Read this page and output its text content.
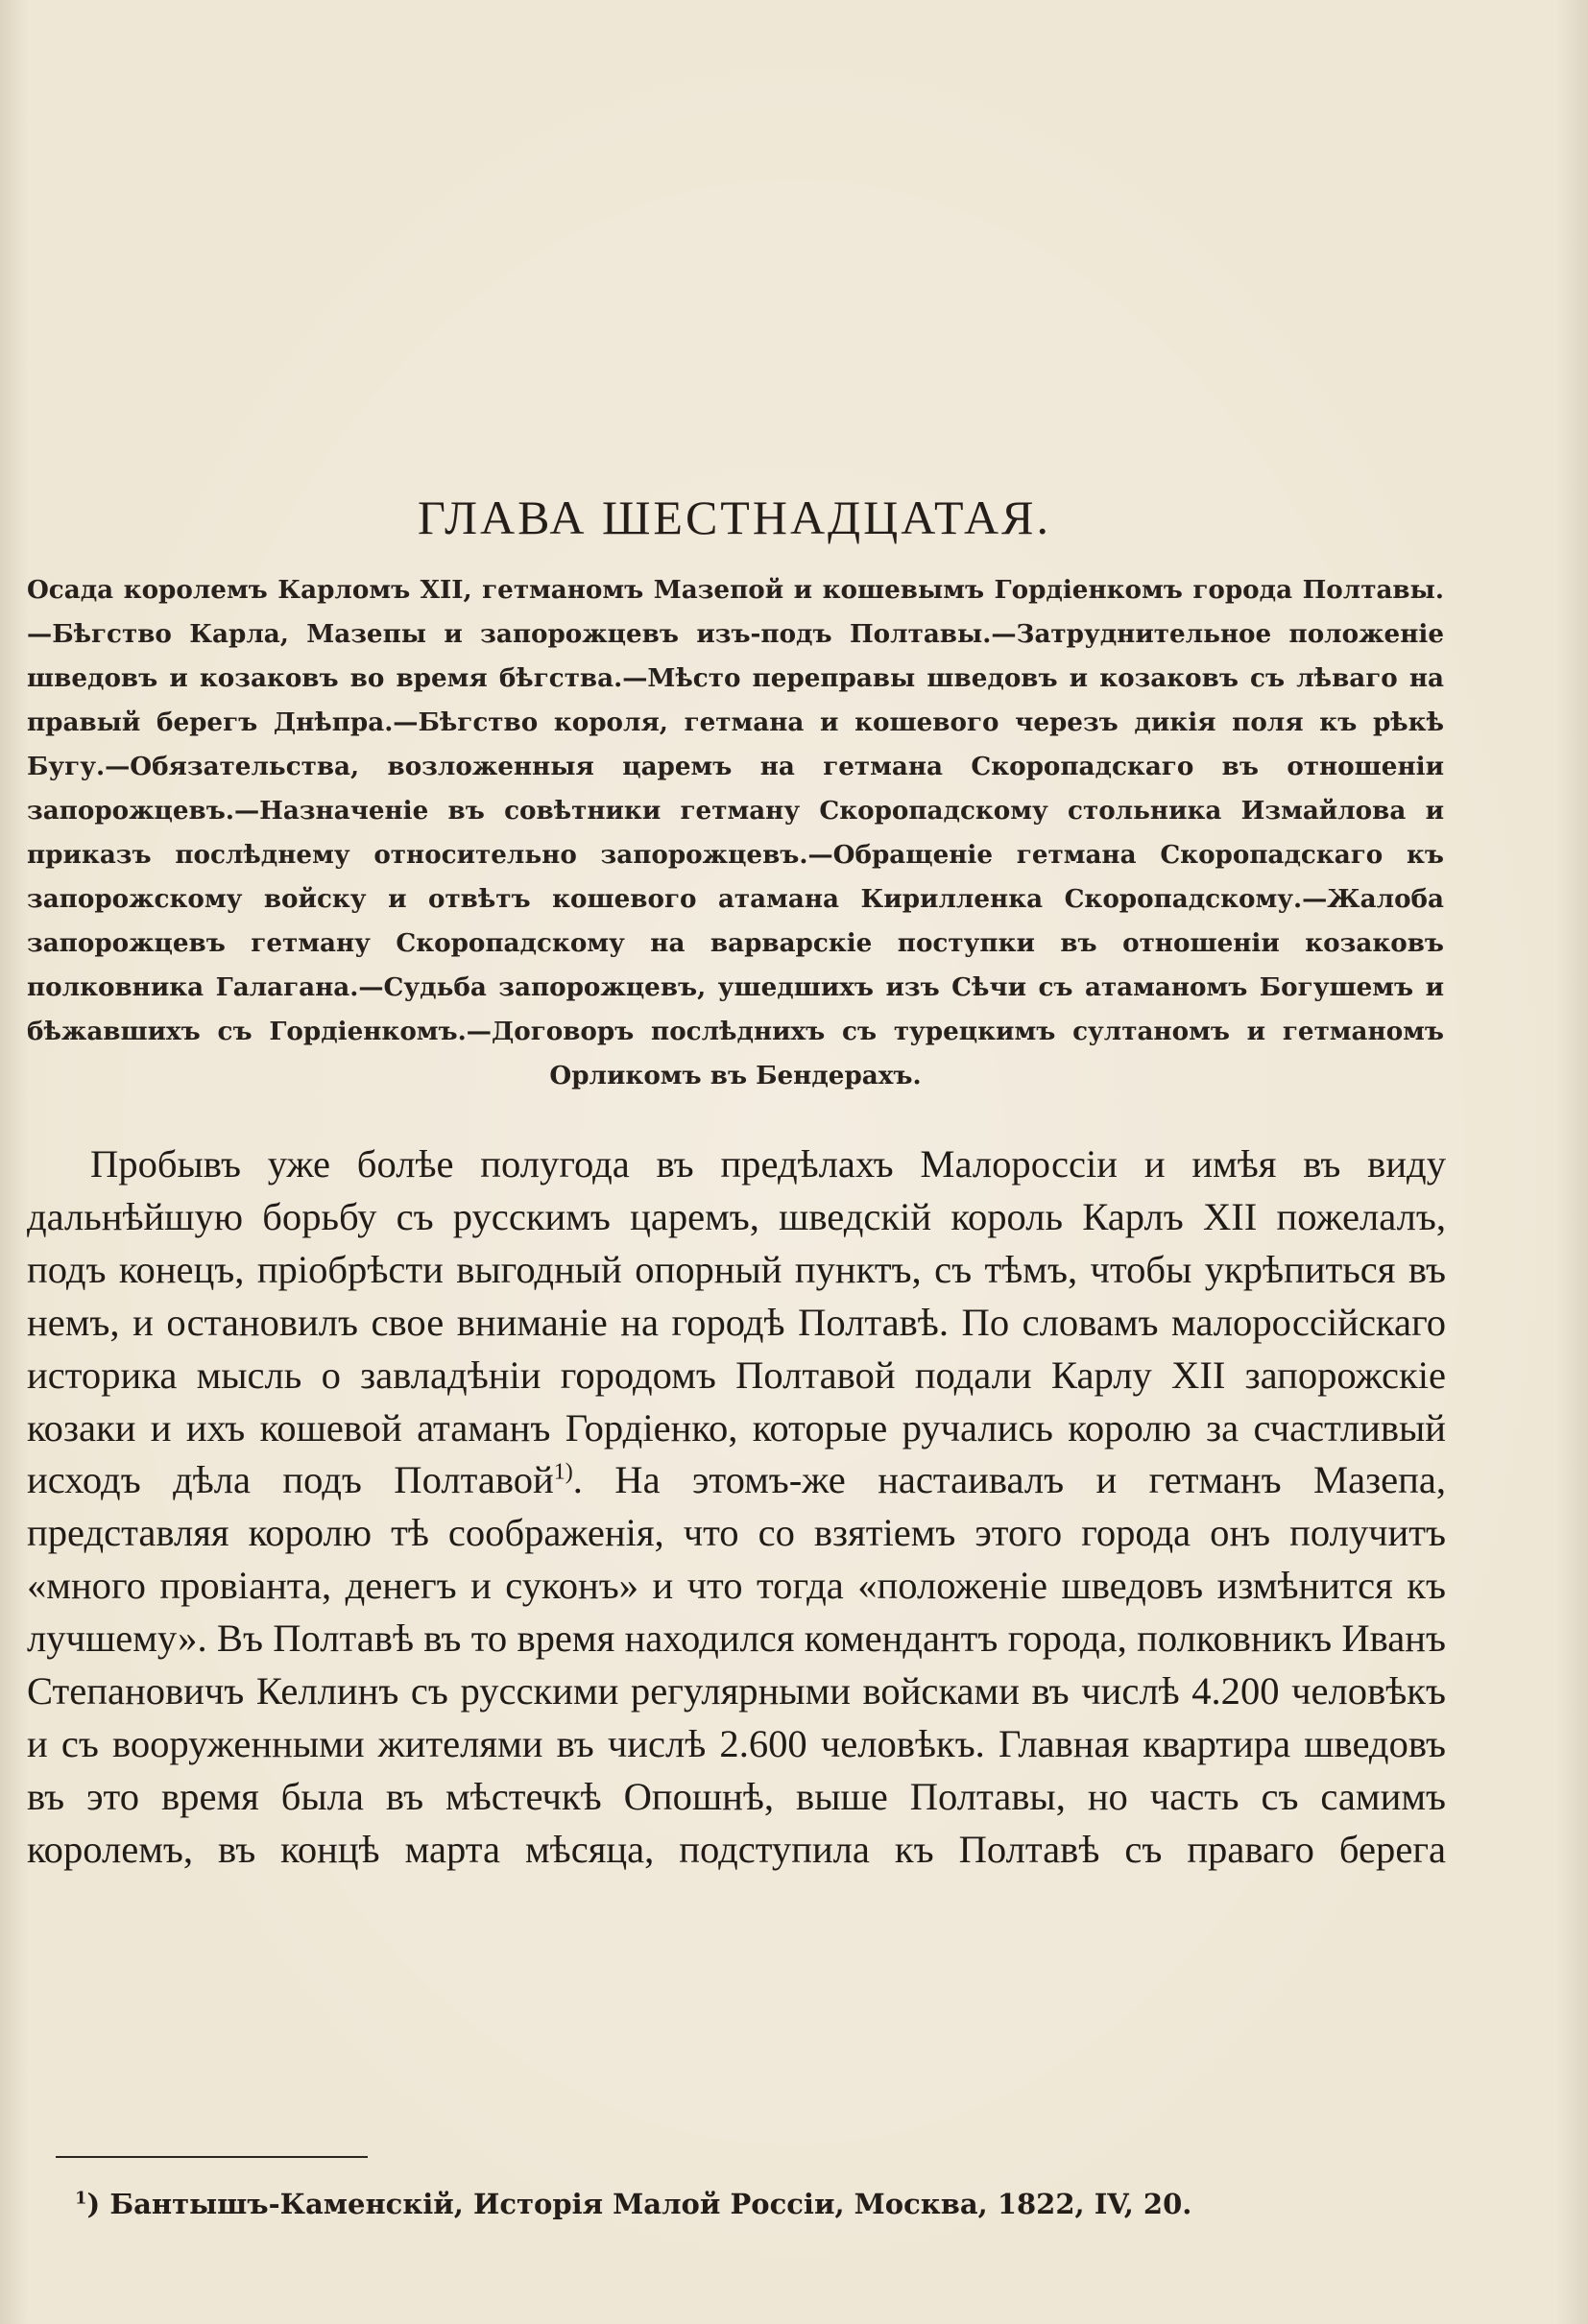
ГЛАВА ШЕСТНАДЦАТАЯ.
Осада королемъ Карломъ XII, гетманомъ Мазепой и кошевымъ Гордіенкомъ города Полтавы.—Бѣгство Карла, Мазепы и запорожцевъ изъ-подъ Полтавы.—Затруднительное положеніе шведовъ и козаковъ во время бѣгства.—Мѣсто переправы шведовъ и козаковъ съ лѣваго на правый берегъ Днѣпра.—Бѣгство короля, гетмана и кошевого черезъ дикія поля къ рѣкѣ Бугу.—Обязательства, возложенныя царемъ на гетмана Скоропадскаго въ отношеніи запорожцевъ.—Назначеніе въ совѣтники гетману Скоропадскому стольника Измайлова и приказъ послѣднему относительно запорожцевъ.—Обращеніе гетмана Скоропадскаго къ запорожскому войску и отвѣтъ кошевого атамана Кирилленка Скоропадскому.—Жалоба запорожцевъ гетману Скоропадскому на варварскіе поступки въ отношеніи козаковъ полковника Галагана.—Судьба запорожцевъ, ушедшихъ изъ Сѣчи съ атаманомъ Богушемъ и бѣжавшихъ съ Гордіенкомъ.—Договоръ послѣднихъ съ турецкимъ султаномъ и гетманомъ Орликомъ въ Бендерахъ.
Пробывъ уже болѣе полугода въ предѣлахъ Малороссіи и имѣя въ виду дальнѣйшую борьбу съ русскимъ царемъ, шведскій король Карлъ XII пожелалъ, подъ конецъ, пріобрѣсти выгодный опорный пунктъ, съ тѣмъ, чтобы укрѣпиться въ немъ, и остановилъ свое вниманіе на городѣ Полтавѣ. По словамъ малороссійскаго историка мысль о завладѣніи городомъ Полтавой подали Карлу XII запорожскіе козаки и ихъ кошевой атаманъ Гордіенко, которые ручались королю за счастливый исходъ дѣла подъ Полтавой$^{1)}$. На этомъ-же настаивалъ и гетманъ Мазепа, представляя королю тѣ соображенія, что со взятіемъ этого города онъ получитъ «много провіанта, денегъ и суконъ» и что тогда «положеніе шведовъ измѣнится къ лучшему». Въ Полтавѣ въ то время находился комендантъ города, полковникъ Иванъ Степановичъ Келлинъ съ русскими регулярными войсками въ числѣ 4.200 человѣкъ и съ вооруженными жителями въ числѣ 2.600 человѣкъ. Главная квартира шведовъ въ это время была въ мѣстечкѣ Опошнѣ, выше Полтавы, но часть съ самимъ королемъ, въ концѣ марта мѣсяца, подступила къ Полтавѣ съ праваго берега
$^1$) Бантышъ-Каменскій, Исторія Малой Россіи, Москва, 1822, IV, 20.
